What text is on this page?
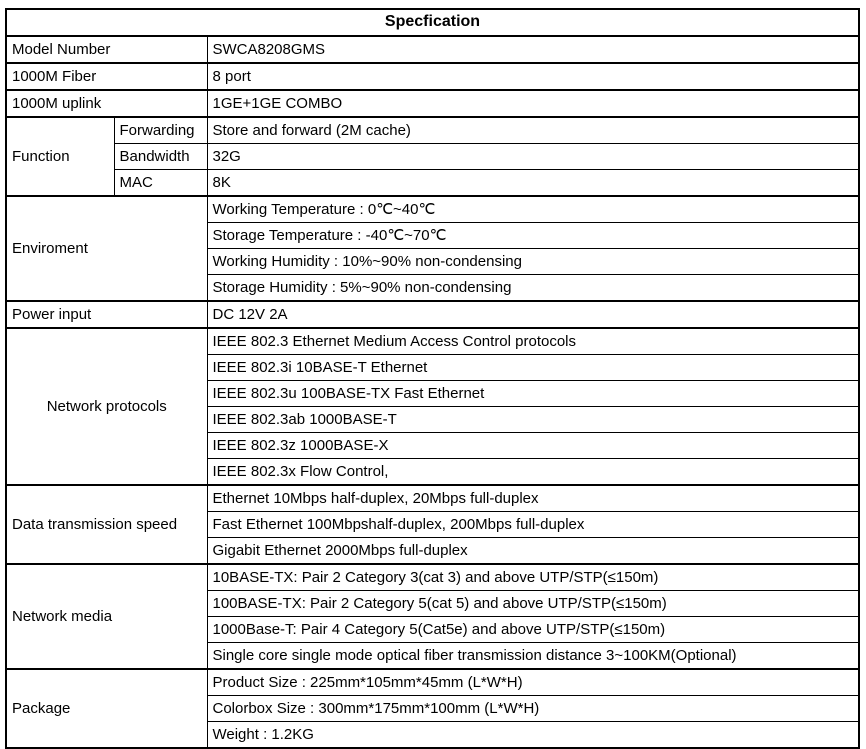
Specfication		
Model Number		SWCA8208GMS
1000M Fiber		8 port
1000M uplink		1GE+1GE COMBO
Function	Forwarding	Store and forward (2M cache)
	Bandwidth	32G
	MAC	8K
Enviroment		Working Temperature : 0℃~40℃
		Storage Temperature : -40℃~70℃
		Working Humidity : 10%~90% non-condensing
		Storage Humidity : 5%~90% non-condensing
Power input		DC 12V 2A
Network protocols		IEEE 802.3 Ethernet Medium Access Control protocols
		IEEE 802.3i 10BASE-T Ethernet
		IEEE 802.3u 100BASE-TX Fast Ethernet
		IEEE 802.3ab 1000BASE-T
		IEEE 802.3z 1000BASE-X
		IEEE 802.3x Flow Control,
Data transmission speed		Ethernet 10Mbps half-duplex, 20Mbps full-duplex
		Fast Ethernet 100Mbpshalf-duplex, 200Mbps full-duplex
		Gigabit Ethernet 2000Mbps full-duplex
Network media		10BASE-TX: Pair 2 Category 3(cat 3) and above UTP/STP(≤150m)
		100BASE-TX: Pair 2 Category 5(cat 5) and above UTP/STP(≤150m)
		1000Base-T: Pair 4 Category 5(Cat5e) and above UTP/STP(≤150m)
		Single core single mode optical fiber transmission distance 3~100KM(Optional)
Package		Product Size : 225mm*105mm*45mm (L*W*H)
		Colorbox Size : 300mm*175mm*100mm (L*W*H)
		Weight : 1.2KG
